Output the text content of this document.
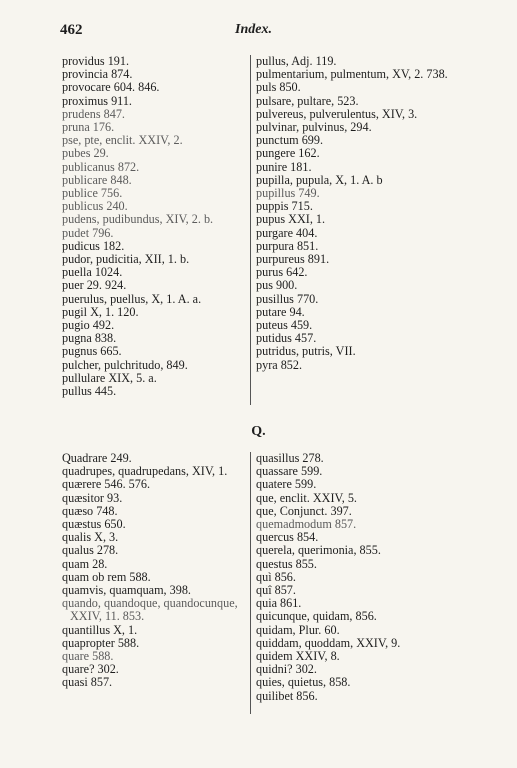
462	Index.
providus 191.
provincia 874.
provocare 604. 846.
proximus 911.
prudens 847.
pruna 176.
pse, pte, enclit. XXIV, 2.
pubes 29.
publicanus 872.
publicare 848.
publice 756.
publicus 240.
pudens, pudibundus, XIV, 2. b.
pudet 796.
pudicus 182.
pudor, pudicitia, XII, 1. b.
puella 1024.
puer 29. 924.
puerulus, puellus, X, 1. A. a.
pugil X, 1. 120.
pugio 492.
pugna 838.
pugnus 665.
pulcher, pulchritudo, 849.
pullulare XIX, 5. a.
pullus 445.
pullus, Adj. 119.
pulmentarium, pulmentum, XV, 2. 738.
puls 850.
pulsare, pultare, 523.
pulvereus, pulverulentus, XIV, 3.
pulvinar, pulvinus, 294.
punctum 699.
pungere 162.
punire 181.
pupilla, pupula, X, 1. A. b
pupillus 749.
puppis 715.
pupus XXI, 1.
purgare 404.
purpura 851.
purpureus 891.
purus 642.
pus 900.
pusillus 770.
putare 94.
puteus 459.
putidus 457.
putridus, putris, VII.
pyra 852.
Q.
Quadrare 249.
quadrupes, quadrupedans, XIV, 1.
quærere 546. 576.
quæsitor 93.
quæso 748.
quæstus 650.
qualis X, 3.
qualus 278.
quam 28.
quam ob rem 588.
quamvis, quamquam, 398.
quando, quandoque, quandocunque, XXIV, 11. 853.
quantillus X, 1.
quapropter 588.
quare 588.
quare? 302.
quasi 857.
quasillus 278.
quassare 599.
quatere 599.
que, enclit. XXIV, 5.
que, Conjunct. 397.
quemadmodum 857.
quercus 854.
querela, querimonia, 855.
questus 855.
quì 856.
quî 857.
quia 861.
quicunque, quidam, 856.
quidam, Plur. 60.
quiddam, quoddam, XXIV, 9.
quidem XXIV, 8.
quidni? 302.
quies, quietus, 858.
quilibet 856.
